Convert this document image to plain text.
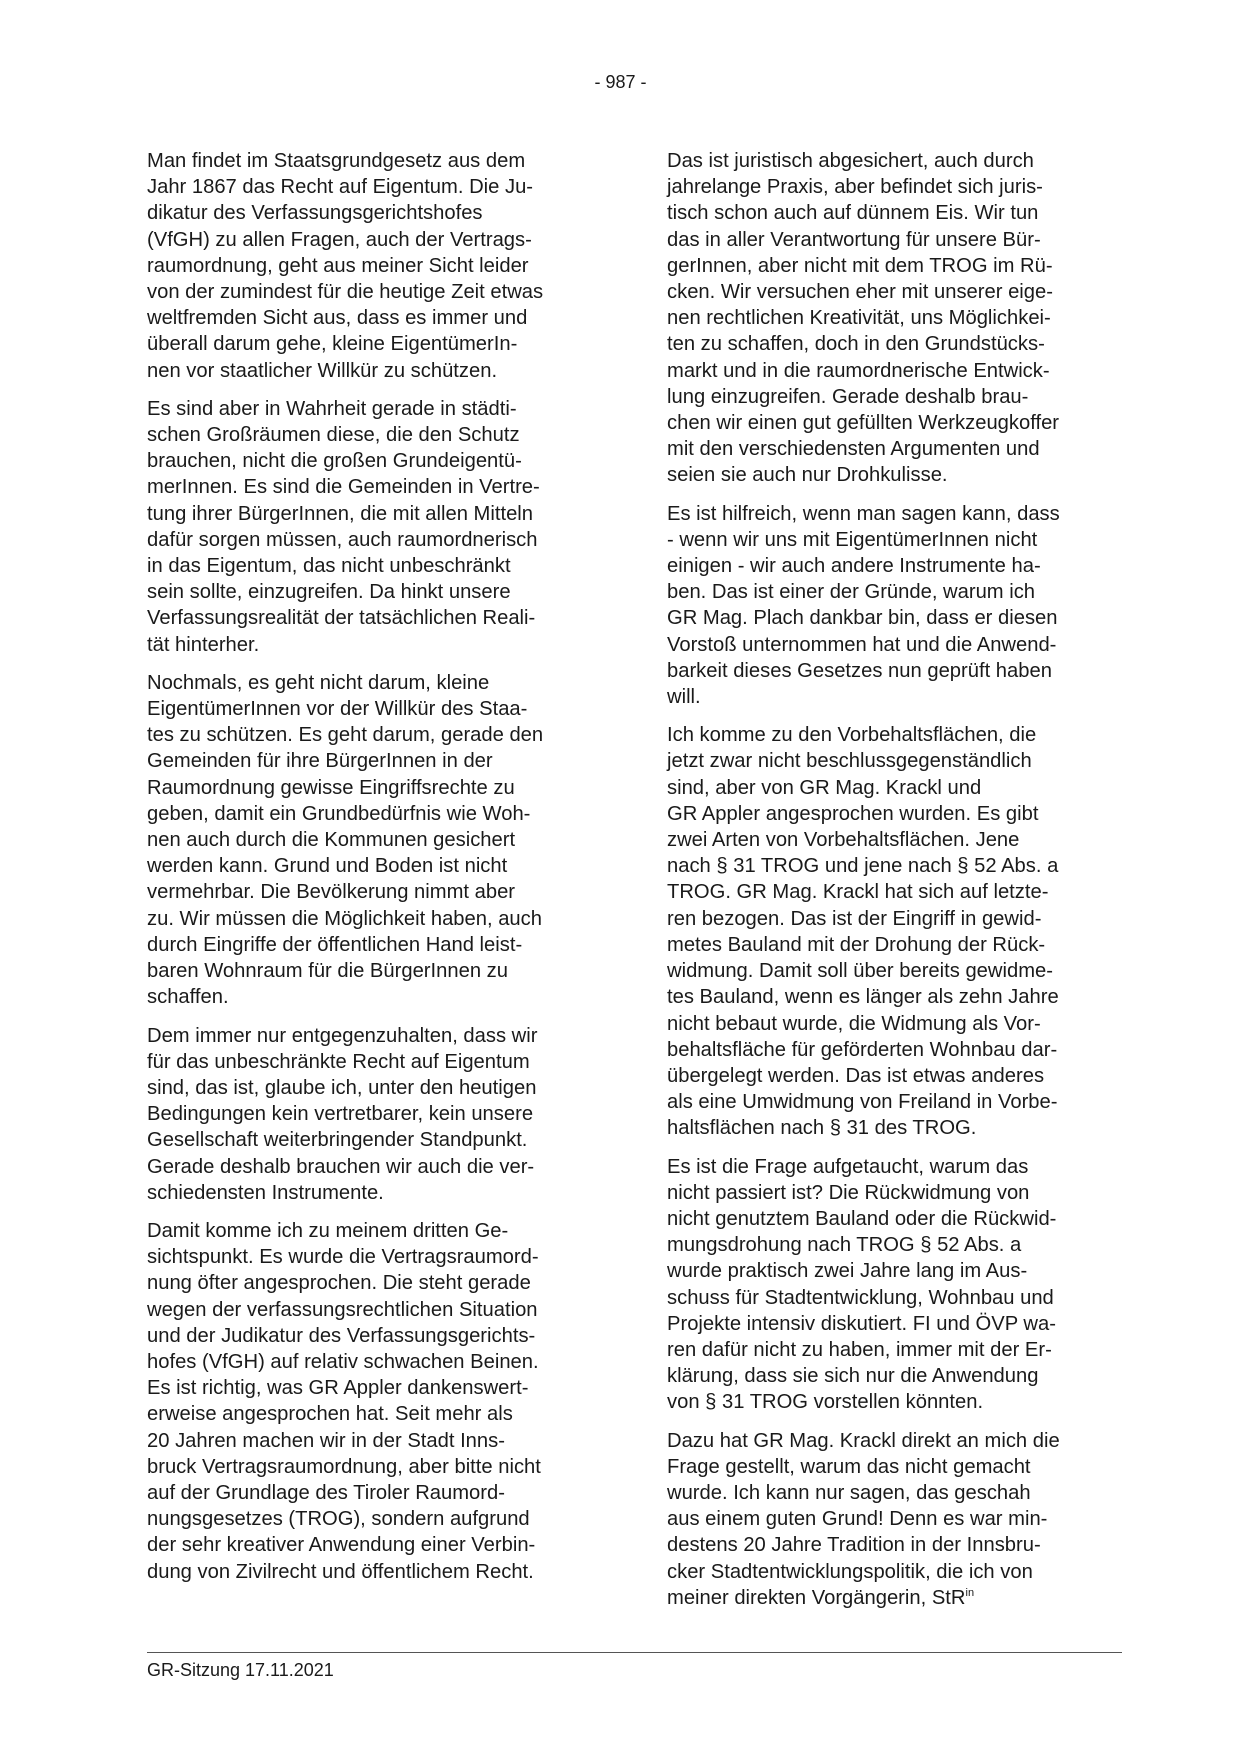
- 987 -

Man findet im Staatsgrundgesetz aus dem
Jahr 1867 das Recht auf Eigentum. Die Ju-
dikatur des Verfassungsgerichtshofes
(VfGH) zu allen Fragen, auch der Vertrags-
raumordnung, geht aus meiner Sicht leider
von der zumindest für die heutige Zeit etwas
weltfremden Sicht aus, dass es immer und
überall darum gehe, kleine EigentümerIn-
nen vor staatlicher Willkür zu schützen.

Es sind aber in Wahrheit gerade in städti-
schen Großräumen diese, die den Schutz
brauchen, nicht die großen Grundeigentü-
merInnen. Es sind die Gemeinden in Vertre-
tung ihrer BürgerInnen, die mit allen Mitteln
dafür sorgen müssen, auch raumordnerisch
in das Eigentum, das nicht unbeschränkt
sein sollte, einzugreifen. Da hinkt unsere
Verfassungsrealität der tatsächlichen Reali-
tät hinterher.

Nochmals, es geht nicht darum, kleine
EigentümerInnen vor der Willkür des Staa-
tes zu schützen. Es geht darum, gerade den
Gemeinden für ihre BürgerInnen in der
Raumordnung gewisse Eingriffsrechte zu
geben, damit ein Grundbedürfnis wie Woh-
nen auch durch die Kommunen gesichert
werden kann. Grund und Boden ist nicht
vermehrbar. Die Bevölkerung nimmt aber
zu. Wir müssen die Möglichkeit haben, auch
durch Eingriffe der öffentlichen Hand leist-
baren Wohnraum für die BürgerInnen zu
schaffen.

Dem immer nur entgegenzuhalten, dass wir
für das unbeschränkte Recht auf Eigentum
sind, das ist, glaube ich, unter den heutigen
Bedingungen kein vertretbarer, kein unsere
Gesellschaft weiterbringender Standpunkt.
Gerade deshalb brauchen wir auch die ver-
schiedensten Instrumente.

Damit komme ich zu meinem dritten Ge-
sichtspunkt. Es wurde die Vertragsraumord-
nung öfter angesprochen. Die steht gerade
wegen der verfassungsrechtlichen Situation
und der Judikatur des Verfassungsgerichts-
hofes (VfGH) auf relativ schwachen Beinen.
Es ist richtig, was GR Appler dankenswert-
erweise angesprochen hat. Seit mehr als
20 Jahren machen wir in der Stadt Inns-
bruck Vertragsraumordnung, aber bitte nicht
auf der Grundlage des Tiroler Raumord-
nungsgesetzes (TROG), sondern aufgrund
der sehr kreativer Anwendung einer Verbin-
dung von Zivilrecht und öffentlichem Recht.

Das ist juristisch abgesichert, auch durch
jahrelange Praxis, aber befindet sich juris-
tisch schon auch auf dünnem Eis. Wir tun
das in aller Verantwortung für unsere Bür-
gerInnen, aber nicht mit dem TROG im Rü-
cken. Wir versuchen eher mit unserer eige-
nen rechtlichen Kreativität, uns Möglichkei-
ten zu schaffen, doch in den Grundstücks-
markt und in die raumordnerische Entwick-
lung einzugreifen. Gerade deshalb brau-
chen wir einen gut gefüllten Werkzeugkoffer
mit den verschiedensten Argumenten und
seien sie auch nur Drohkulisse.

Es ist hilfreich, wenn man sagen kann, dass
- wenn wir uns mit EigentümerInnen nicht
einigen - wir auch andere Instrumente ha-
ben. Das ist einer der Gründe, warum ich
GR Mag. Plach dankbar bin, dass er diesen
Vorstoß unternommen hat und die Anwend-
barkeit dieses Gesetzes nun geprüft haben
will.

Ich komme zu den Vorbehaltsflächen, die
jetzt zwar nicht beschlussgegenständlich
sind, aber von GR Mag. Krackl und
GR Appler angesprochen wurden. Es gibt
zwei Arten von Vorbehaltsflächen. Jene
nach § 31 TROG und jene nach § 52 Abs. a
TROG. GR Mag. Krackl hat sich auf letzte-
ren bezogen. Das ist der Eingriff in gewid-
metes Bauland mit der Drohung der Rück-
widmung. Damit soll über bereits gewidme-
tes Bauland, wenn es länger als zehn Jahre
nicht bebaut wurde, die Widmung als Vor-
behaltsfläche für geförderten Wohnbau dar-
übergelegt werden. Das ist etwas anderes
als eine Umwidmung von Freiland in Vorbe-
haltsflächen nach § 31 des TROG.

Es ist die Frage aufgetaucht, warum das
nicht passiert ist? Die Rückwidmung von
nicht genutztem Bauland oder die Rückwid-
mungsdrohung nach TROG § 52 Abs. a
wurde praktisch zwei Jahre lang im Aus-
schuss für Stadtentwicklung, Wohnbau und
Projekte intensiv diskutiert. FI und ÖVP wa-
ren dafür nicht zu haben, immer mit der Er-
klärung, dass sie sich nur die Anwendung
von § 31 TROG vorstellen könnten.

Dazu hat GR Mag. Krackl direkt an mich die
Frage gestellt, warum das nicht gemacht
wurde. Ich kann nur sagen, das geschah
aus einem guten Grund! Denn es war min-
destens 20 Jahre Tradition in der Innsbru-
cker Stadtentwicklungspolitik, die ich von
meiner direkten Vorgängerin, StR$^{in}$

GR-Sitzung 17.11.2021
